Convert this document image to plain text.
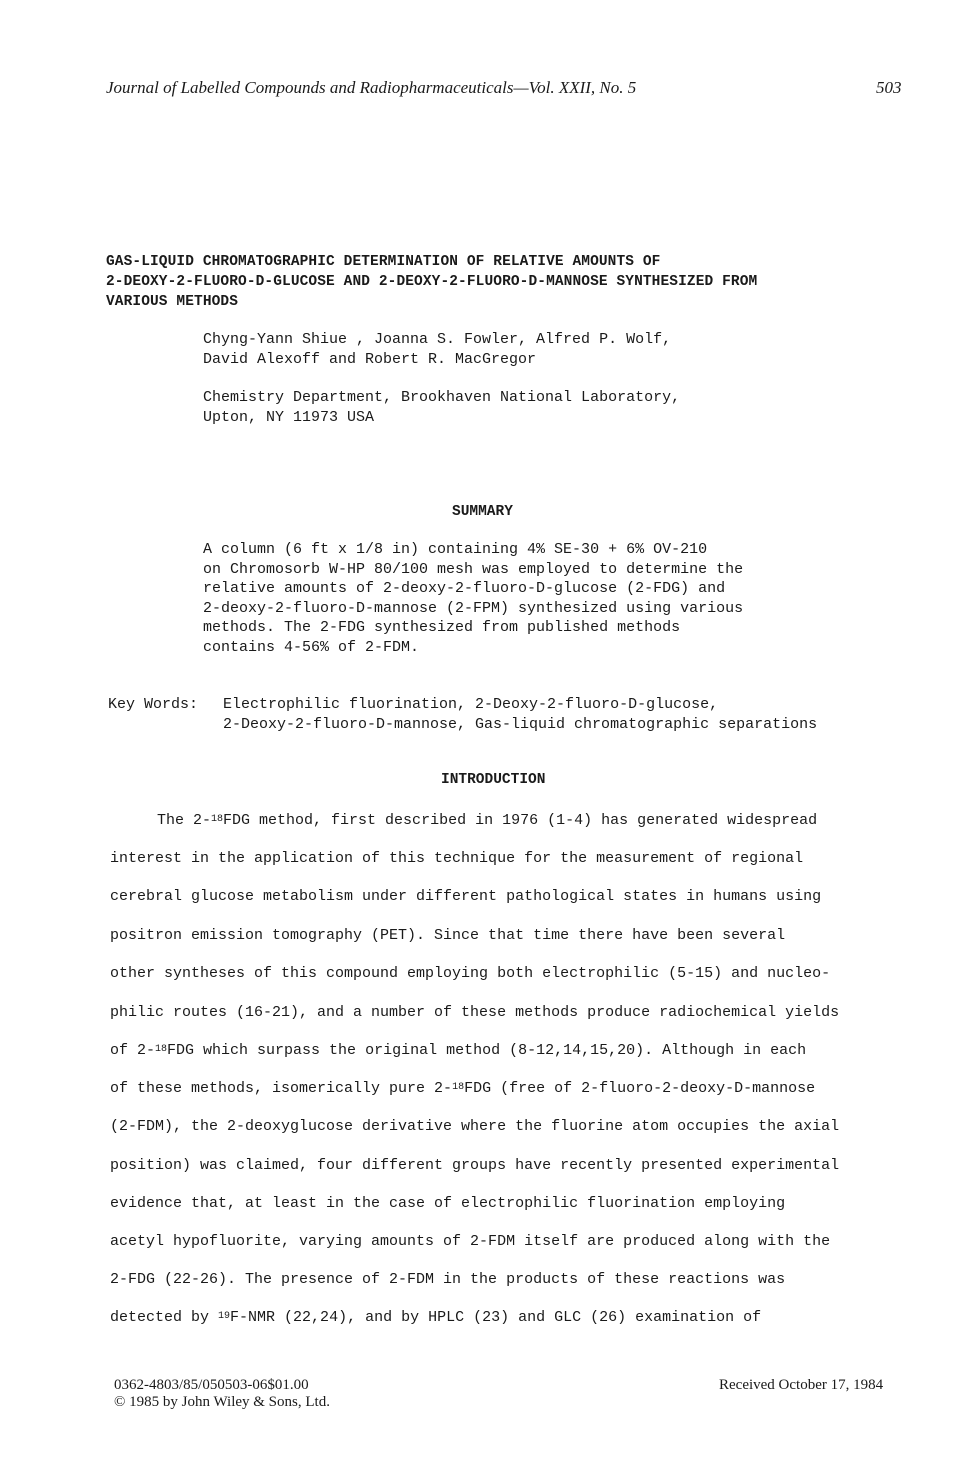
Journal of Labelled Compounds and Radiopharmaceuticals—Vol. XXII, No. 5	503
GAS-LIQUID CHROMATOGRAPHIC DETERMINATION OF RELATIVE AMOUNTS OF
2-DEOXY-2-FLUORO-D-GLUCOSE AND 2-DEOXY-2-FLUORO-D-MANNOSE SYNTHESIZED FROM
VARIOUS METHODS
Chyng-Yann Shiue , Joanna S. Fowler, Alfred P. Wolf,
David Alexoff and Robert R. MacGregor
Chemistry Department, Brookhaven National Laboratory,
Upton, NY 11973 USA
SUMMARY
A column (6 ft x 1/8 in) containing 4% SE-30 + 6% OV-210
on Chromosorb W-HP 80/100 mesh was employed to determine the
relative amounts of 2-deoxy-2-fluoro-D-glucose (2-FDG) and
2-deoxy-2-fluoro-D-mannose (2-FPM) synthesized using various
methods. The 2-FDG synthesized from published methods
contains 4-56% of 2-FDM.
Key Words: Electrophilic fluorination, 2-Deoxy-2-fluoro-D-glucose,
2-Deoxy-2-fluoro-D-mannose, Gas-liquid chromatographic separations
INTRODUCTION
The 2-$^{18}$FDG method, first described in 1976 (1-4) has generated widespread
interest in the application of this technique for the measurement of regional
cerebral glucose metabolism under different pathological states in humans using
positron emission tomography (PET). Since that time there have been several
other syntheses of this compound employing both electrophilic (5-15) and nucleo-
philic routes (16-21), and a number of these methods produce radiochemical yields
of 2-$^{18}$FDG which surpass the original method (8-12,14,15,20). Although in each
of these methods, isomerically pure 2-$^{18}$FDG (free of 2-fluoro-2-deoxy-D-mannose
(2-FDM), the 2-deoxyglucose derivative where the fluorine atom occupies the axial
position) was claimed, four different groups have recently presented experimental
evidence that, at least in the case of electrophilic fluorination employing
acetyl hypofluorite, varying amounts of 2-FDM itself are produced along with the
2-FDG (22-26). The presence of 2-FDM in the products of these reactions was
detected by $^{19}$F-NMR (22,24), and by HPLC (23) and GLC (26) examination of
0362-4803/85/050503-06$01.00
© 1985 by John Wiley & Sons, Ltd.
Received October 17, 1984
